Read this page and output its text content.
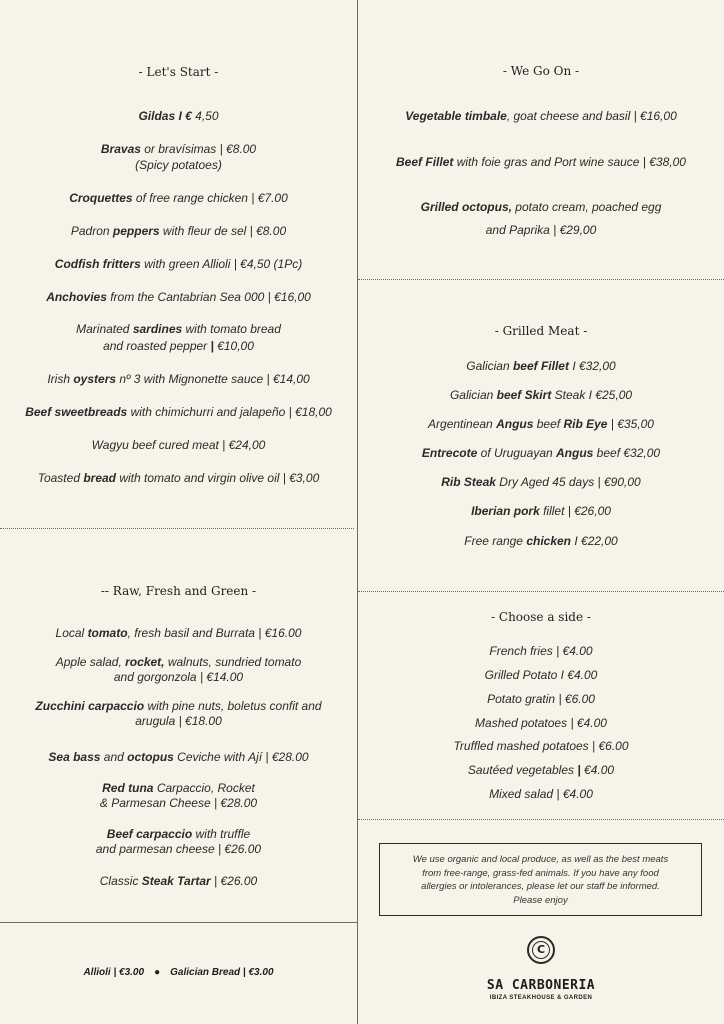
- Let's Start -
Gildas I € 4,50
Bravas or bravísimas | €8.00
(Spicy potatoes)
Croquettes of free range chicken | €7.00
Padron peppers with fleur de sel | €8.00
Codfish fritters with green Allioli | €4,50 (1Pc)
Anchovies from the Cantabrian Sea 000 | €16,00
Marinated sardines with tomato bread
and roasted pepper | €10,00
Irish oysters nº 3 with Mignonette sauce | €14,00
Beef sweetbreads with chimichurri and jalapeño | €18,00
Wagyu beef cured meat | €24,00
Toasted bread with tomato and virgin olive oil | €3,00
-- Raw, Fresh and Green -
Local tomato, fresh basil and Burrata | €16.00
Apple salad, rocket, walnuts, sundried tomato
and gorgonzola | €14.00
Zucchini carpaccio with pine nuts, boletus confit and
arugula | €18.00
Sea bass and octopus Ceviche with Ají | €28.00
Red tuna Carpaccio, Rocket
& Parmesan Cheese | €28.00
Beef carpaccio with truffle
and parmesan cheese | €26.00
Classic Steak Tartar | €26.00
Allioli | €3.00 ● Galician Bread | €3.00
- We Go On -
Vegetable timbale, goat cheese and basil | €16,00
Beef Fillet with foie gras and Port wine sauce | €38,00
Grilled octopus, potato cream, poached egg
and Paprika | €29,00
- Grilled Meat -
Galician beef Fillet I €32,00
Galician beef Skirt Steak I €25,00
Argentinean Angus beef Rib Eye | €35,00
Entrecote of Uruguayan Angus beef €32,00
Rib Steak Dry Aged 45 days | €90,00
Iberian pork fillet | €26,00
Free range chicken I €22,00
- Choose a side -
French fries | €4.00
Grilled Potato I €4.00
Potato gratin | €6.00
Mashed potatoes | €4.00
Truffled mashed potatoes | €6.00
Sautéed vegetables | €4.00
Mixed salad | €4.00
We use organic and local produce, as well as the best meats
from free-range, grass-fed animals. If you have any food
allergies or intolerances, please let our staff be informed.
Please enjoy
C
SA CARBONERIA
IBIZA STEAKHOUSE & GARDEN
